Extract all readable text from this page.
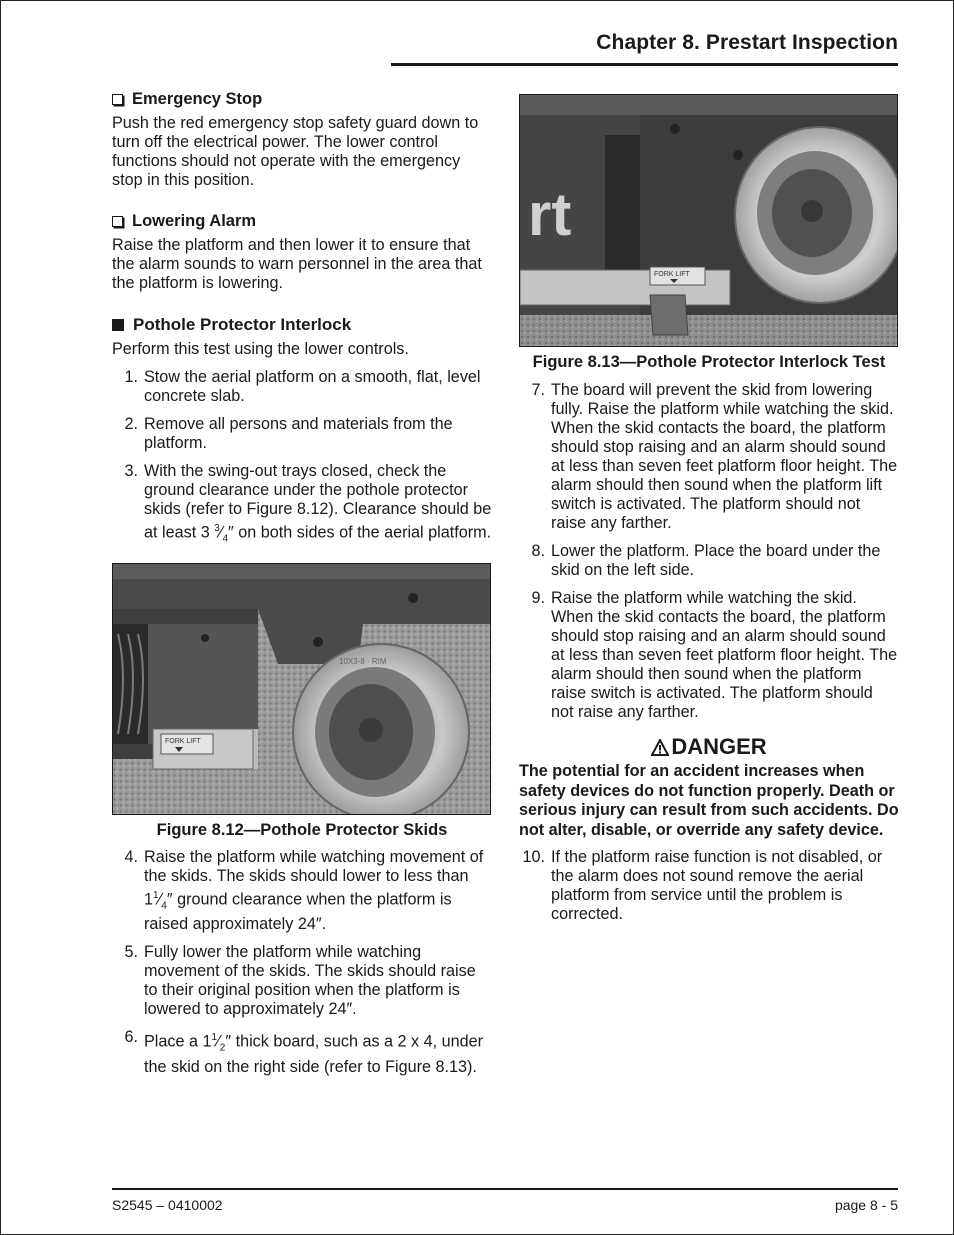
Chapter 8. Prestart Inspection
Emergency Stop

Push the red emergency stop safety guard down to turn off the electrical power. The lower control functions should not operate with the emergency stop in this position.

Lowering Alarm

Raise the platform and then lower it to ensure that the alarm sounds to warn personnel in the area that the platform is lowering.

Pothole Protector Interlock

Perform this test using the lower controls.

1. Stow the aerial platform on a smooth, flat, level concrete slab.
2. Remove all persons and materials from the platform.
3. With the swing-out trays closed, check the ground clearance under the pothole protector skids (refer to Figure 8.12). Clearance should be at least 3 $^3⁄_4''$ on both sides of the aerial platform.
FORK LIFT
10X3-8 · RIM
Figure 8.12—Pothole Protector Skids
4. Raise the platform while watching movement of the skids. The skids should lower to less than $1^1⁄_4''$ ground clearance when the platform is raised approximately 24″.
5. Fully lower the platform while watching movement of the skids. The skids should raise to their original position when the platform is lowered to approximately 24″.
6. Place a $1^1⁄_2''$ thick board, such as a 2 x 4, under the skid on the right side (refer to Figure 8.13).
rt
FORK LIFT
Figure 8.13—Pothole Protector Interlock Test
7. The board will prevent the skid from lowering fully. Raise the platform while watching the skid. When the skid contacts the board, the platform should stop raising and an alarm should sound at less than seven feet platform floor height. The alarm should then sound when the platform lift switch is activated. The platform should not raise any farther.
8. Lower the platform. Place the board under the skid on the left side.
9. Raise the platform while watching the skid. When the skid contacts the board, the platform should stop raising and an alarm should sound at less than seven feet platform floor height. The alarm should then sound when the platform raise switch is activated. The platform should not raise any farther.
DANGER

The potential for an accident increases when safety devices do not function properly. Death or serious injury can result from such accidents. Do not alter, disable, or override any safety device.

10. If the platform raise function is not disabled, or the alarm does not sound remove the aerial platform from service until the problem is corrected.
S2545 – 0410002	page 8 - 5
